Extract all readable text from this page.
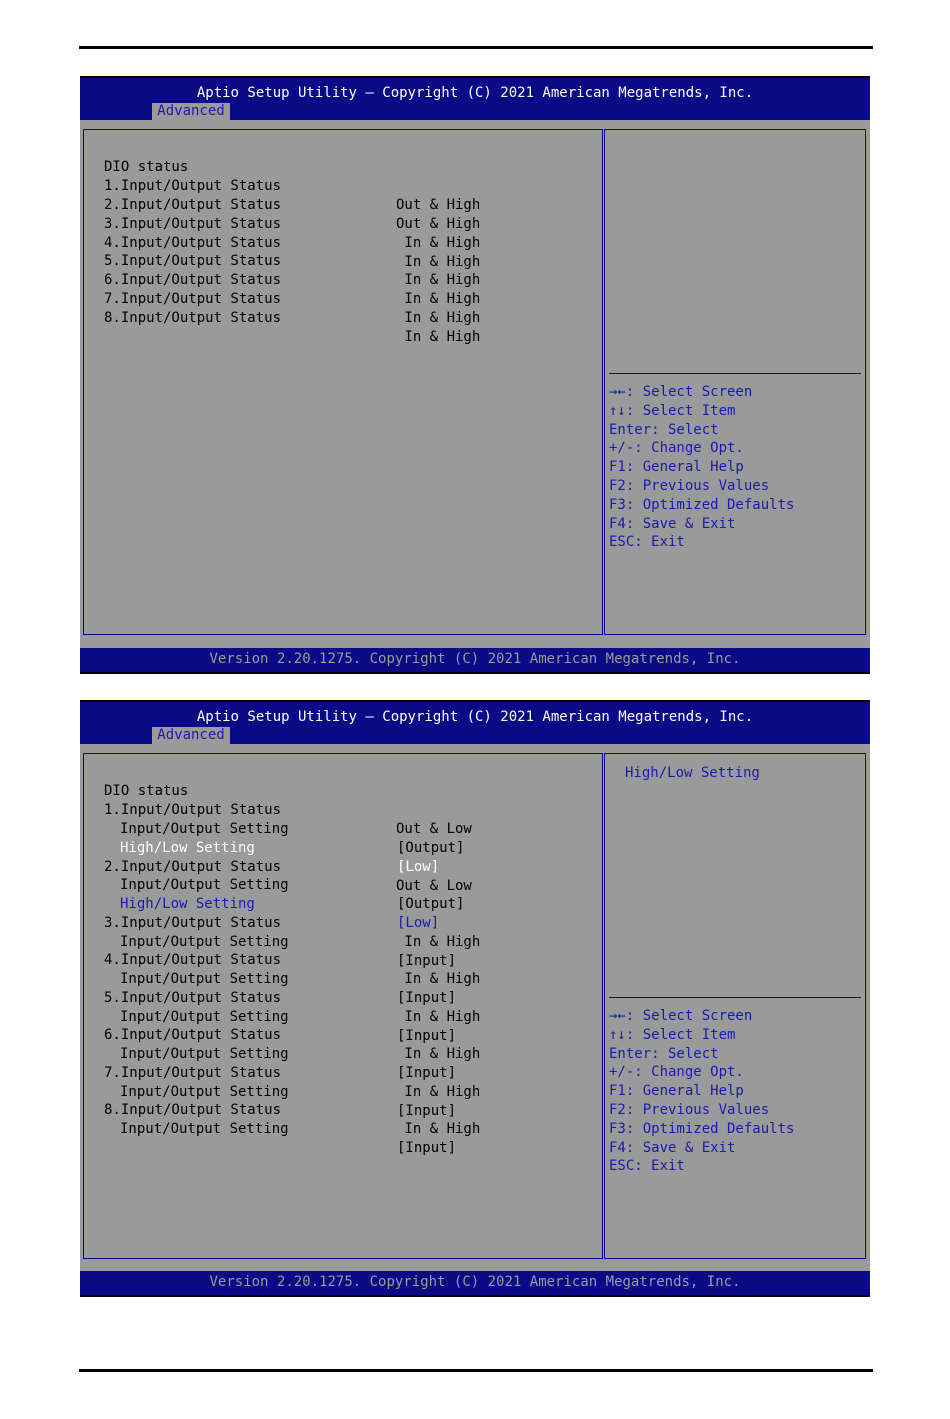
Aptio Setup Utility – Copyright (C) 2021 American Megatrends, Inc.
Advanced

DIO status

1.Input/Output Status

Out & High

2.Input/Output Status

Out & High

3.Input/Output Status

In & High

4.Input/Output Status

In & High

5.Input/Output Status

In & High

6.Input/Output Status

In & High

7.Input/Output Status

In & High

8.Input/Output Status

In & High

→←: Select Screen
↑↓: Select Item
Enter: Select
+/-: Change Opt.
F1: General Help
F2: Previous Values
F3: Optimized Defaults
F4: Save & Exit
ESC: Exit
Version 2.20.1275. Copyright (C) 2021 American Megatrends, Inc.
Aptio Setup Utility – Copyright (C) 2021 American Megatrends, Inc.
Advanced

DIO status

1.Input/Output Status

Out & Low

Input/Output Setting

[Output]

High/Low Setting

[Low]

2.Input/Output Status

Out & Low

Input/Output Setting

[Output]

High/Low Setting

[Low]

3.Input/Output Status

In & High

Input/Output Setting

[Input]

4.Input/Output Status

In & High

Input/Output Setting

[Input]

5.Input/Output Status

In & High

Input/Output Setting

[Input]

6.Input/Output Status

In & High

Input/Output Setting

[Input]

7.Input/Output Status

In & High

Input/Output Setting

[Input]

8.Input/Output Status

In & High

Input/Output Setting

[Input]

High/Low Setting
→←: Select Screen
↑↓: Select Item
Enter: Select
+/-: Change Opt.
F1: General Help
F2: Previous Values
F3: Optimized Defaults
F4: Save & Exit
ESC: Exit
Version 2.20.1275. Copyright (C) 2021 American Megatrends, Inc.
